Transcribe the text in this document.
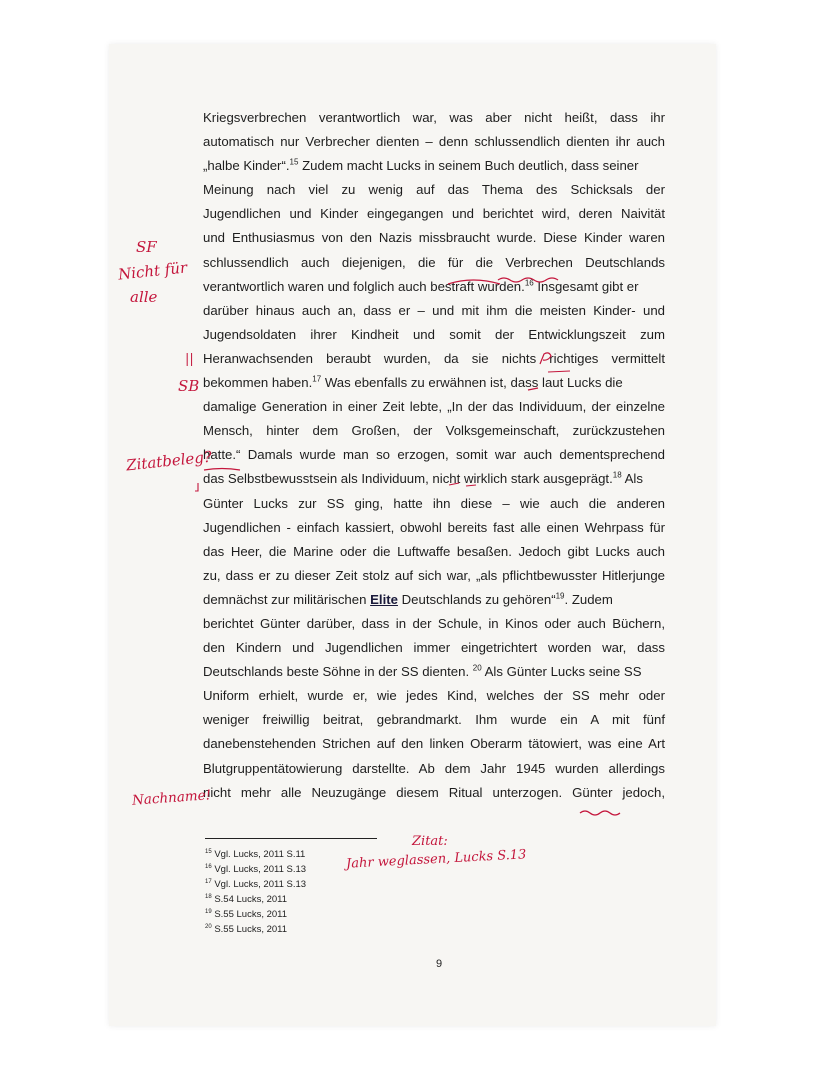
Kriegsverbrechen verantwortlich war, was aber nicht heißt, dass ihr
automatisch nur Verbrecher dienten – denn schlussendlich dienten ihr auch
„halbe Kinder“.$^{15}$ Zudem macht Lucks in seinem Buch deutlich, dass seiner
Meinung nach viel zu wenig auf das Thema des Schicksals der
Jugendlichen und Kinder eingegangen und berichtet wird, deren Naivität
und Enthusiasmus von den Nazis missbraucht wurde. Diese Kinder waren
schlussendlich auch diejenigen, die für die Verbrechen Deutschlands
verantwortlich waren und folglich auch bestraft wurden.$^{16}$ Insgesamt gibt er
darüber hinaus auch an, dass er – und mit ihm die meisten Kinder- und
Jugendsoldaten ihrer Kindheit und somit der Entwicklungszeit zum
Heranwachsenden beraubt wurden, da sie nichts richtiges vermittelt
bekommen haben.$^{17}$ Was ebenfalls zu erwähnen ist, dass laut Lucks die
damalige Generation in einer Zeit lebte, „In der das Individuum, der einzelne
Mensch, hinter dem Großen, der Volksgemeinschaft, zurückzustehen
hatte.“ Damals wurde man so erzogen, somit war auch dementsprechend
das Selbstbewusstsein als Individuum, nicht wirklich stark ausgeprägt.$^{18}$ Als
Günter Lucks zur SS ging, hatte ihn diese – wie auch die anderen
Jugendlichen - einfach kassiert, obwohl bereits fast alle einen Wehrpass für
das Heer, die Marine oder die Luftwaffe besaßen. Jedoch gibt Lucks auch
zu, dass er zu dieser Zeit stolz auf sich war, „als pflichtbewusster Hitlerjunge
demnächst zur militärischen Elite Deutschlands zu gehören“$^{19}$. Zudem
berichtet Günter darüber, dass in der Schule, in Kinos oder auch Büchern,
den Kindern und Jugendlichen immer eingetrichtert worden war, dass
Deutschlands beste Söhne in der SS dienten. $^{20}$ Als Günter Lucks seine SS
Uniform erhielt, wurde er, wie jedes Kind, welches der SS mehr oder
weniger freiwillig beitrat, gebrandmarkt. Ihm wurde ein A mit fünf
danebenstehenden Strichen auf den linken Oberarm tätowiert, was eine Art
Blutgruppentätowierung darstellte. Ab dem Jahr 1945 wurden allerdings
nicht mehr alle Neuzugänge diesem Ritual unterzogen. Günter jedoch,
$^{15}$ Vgl. Lucks, 2011 S.11
$^{16}$ Vgl. Lucks, 2011 S.13
$^{17}$ Vgl. Lucks, 2011 S.13
$^{18}$ S.54 Lucks, 2011
$^{19}$ S.55 Lucks, 2011
$^{20}$ S.55 Lucks, 2011
9
SF
Nicht für
alle
||
SB
Zitatbeleg?
Nachname!
Zitat:
Jahr weglassen, Lucks S.13
